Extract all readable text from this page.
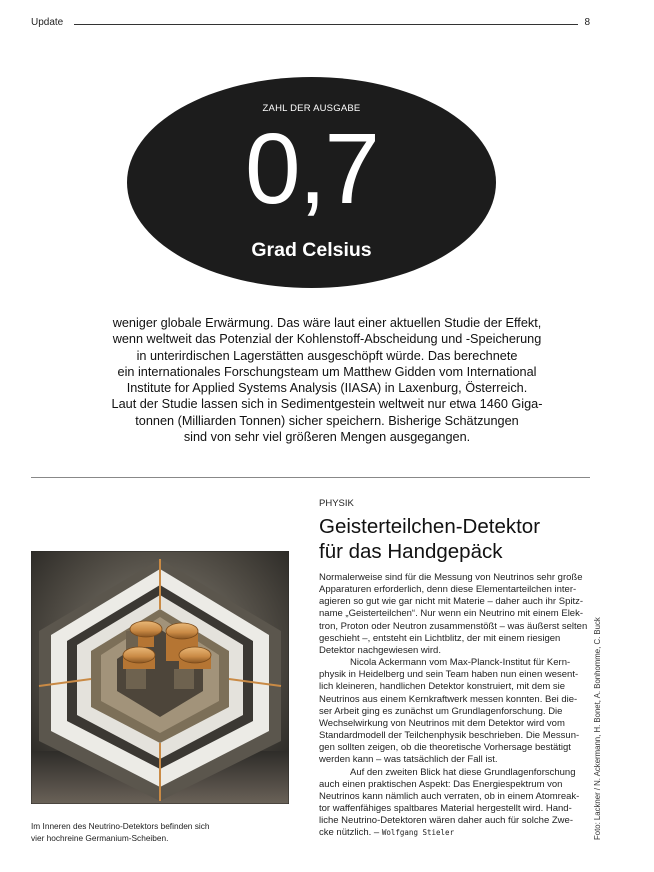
Update	8
ZAHL DER AUSGABE
0,7
Grad Celsius
weniger globale Erwärmung. Das wäre laut einer aktuellen Studie der Effekt,
wenn weltweit das Potenzial der Kohlenstoff-Abscheidung und -Speicherung
in unterirdischen Lagerstätten ausgeschöpft würde. Das berechnete
ein internationales Forschungsteam um Matthew Gidden vom International
Institute for Applied Systems Analysis (IIASA) in Laxenburg, Österreich.
Laut der Studie lassen sich in Sedimentgestein weltweit nur etwa 1460 Giga-
tonnen (Milliarden Tonnen) sicher speichern. Bisherige Schätzungen
sind von sehr viel größeren Mengen ausgegangen.
Im Inneren des Neutrino-Detektors befinden sich
vier hochreine Germanium-Scheiben.
PHYSIK
Geisterteilchen-Detektor
für das Handgepäck
Normalerweise sind für die Messung von Neutrinos sehr große
Apparaturen erforderlich, denn diese Elementarteilchen inter-
agieren so gut wie gar nicht mit Materie – daher auch ihr Spitz-
name „Geisterteilchen“. Nur wenn ein Neutrino mit einem Elek-
tron, Proton oder Neutron zusammenstößt – was äußerst selten
geschieht –, entsteht ein Lichtblitz, der mit einem riesigen
Detektor nachgewiesen wird.
Nicola Ackermann vom Max-Planck-Institut für Kern-
physik in Heidelberg und sein Team haben nun einen wesent-
lich kleineren, handlichen Detektor konstruiert, mit dem sie
Neutrinos aus einem Kernkraftwerk messen konnten. Bei die-
ser Arbeit ging es zunächst um Grundlagenforschung. Die
Wechselwirkung von Neutrinos mit dem Detektor wird vom
Standardmodell der Teilchenphysik beschrieben. Die Messun-
gen sollten zeigen, ob die theoretische Vorhersage bestätigt
werden kann – was tatsächlich der Fall ist.
Auf den zweiten Blick hat diese Grundlagenforschung
auch einen praktischen Aspekt: Das Energiespektrum von
Neutrinos kann nämlich auch verraten, ob in einem Atomreak-
tor waffenfähiges spaltbares Material hergestellt wird. Hand-
liche Neutrino-Detektoren wären daher auch für solche Zwe-
cke nützlich. – Wolfgang Stieler	Foto: Lackner / N. Ackermann, H. Bonet, A. Bonhomme, C. Buck
